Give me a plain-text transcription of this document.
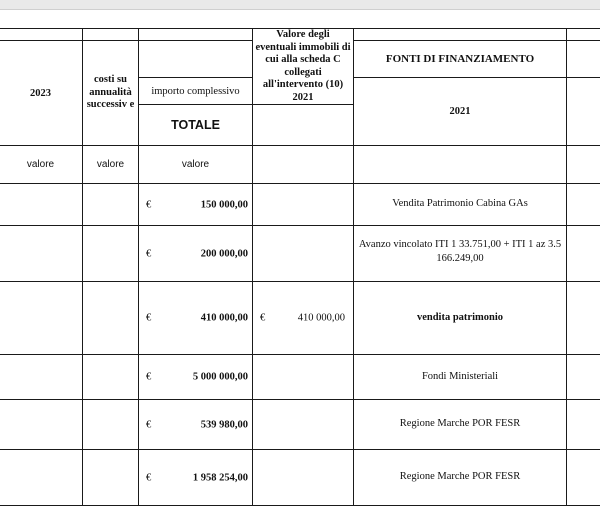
			Valore degli eventuali immobili di cui alla scheda C collegati all'intervento (10) 2021		

2023	costi su annualità successiv e			FONTI DI FINANZIAMENTO	
		importo complessivo		2021	
		TOTALE			
valore	valore	valore			

		€ 150 000,00		Vendita Patrimonio Cabina GAs	

		€ 200 000,00		Avanzo vincolato ITI 1 33.751,00 + ITI 1 az 3.5 166.249,00	

		€ 410 000,00	€ 410 000,00	vendita patrimonio	

		€ 5 000 000,00		Fondi Ministeriali	

		€ 539 980,00		Regione Marche POR FESR	

		€ 1 958 254,00		Regione Marche POR FESR	
